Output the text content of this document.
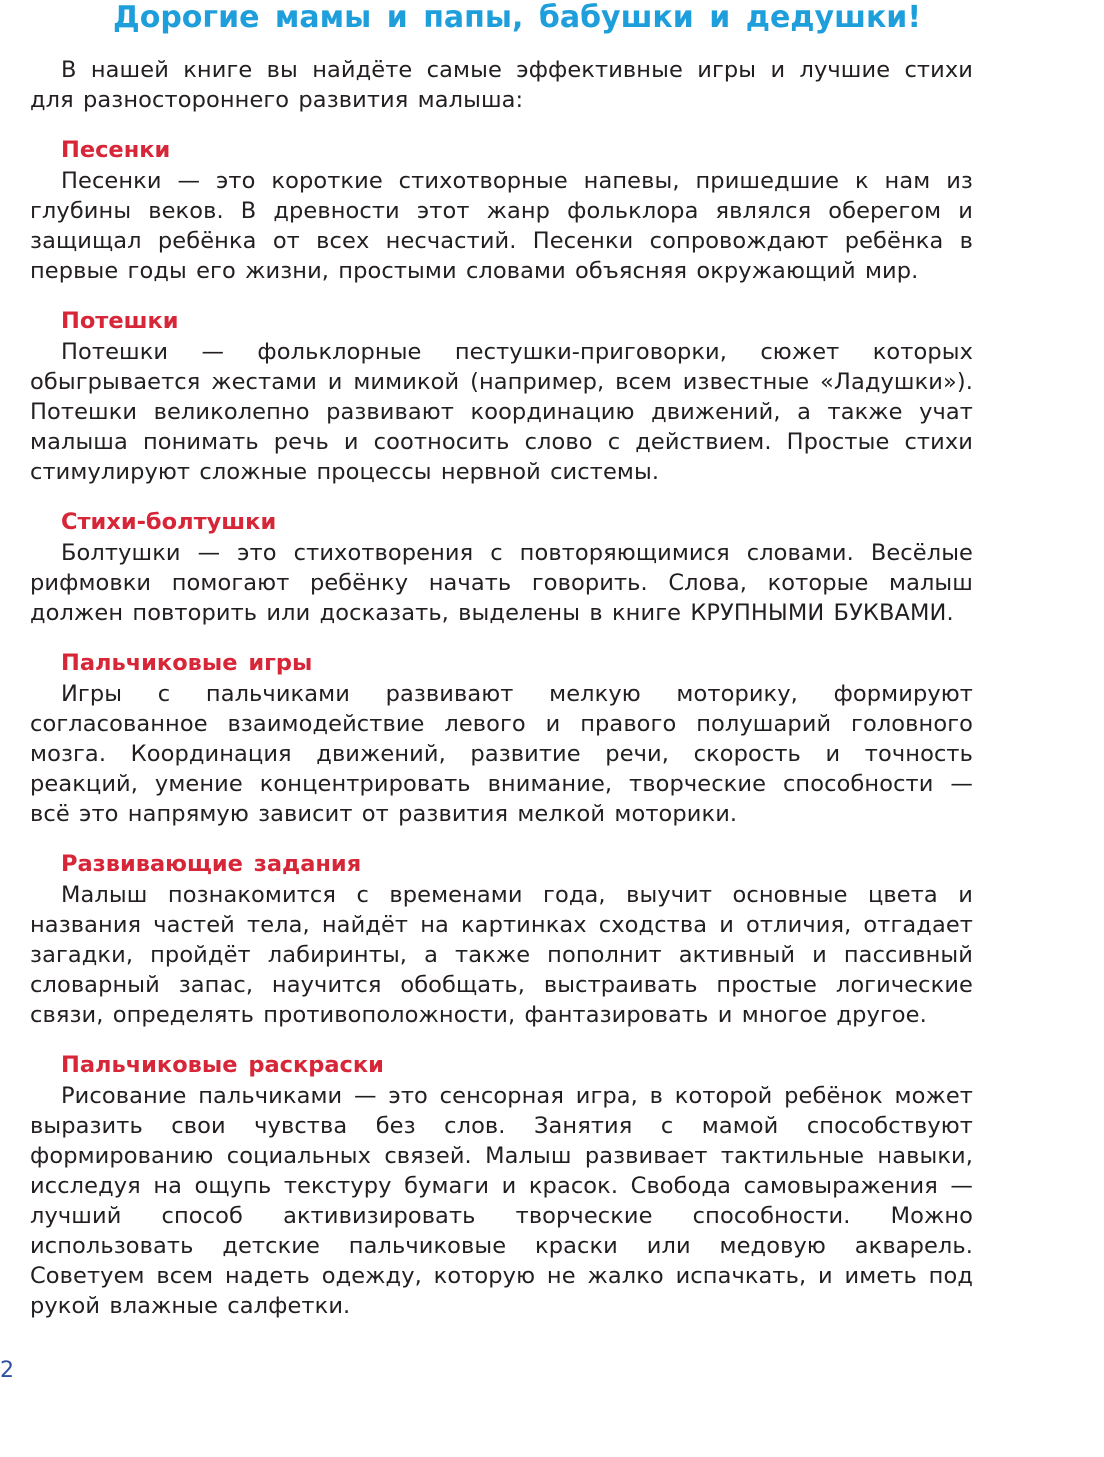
Дорогие мамы и папы, бабушки и дедушки!

В нашей книге вы найдёте самые эффективные игры и лучшие стихи для разностороннего развития малыша:

Песенки

Песенки — это короткие стихотворные напевы, пришедшие к нам из глубины веков. В древности этот жанр фольклора являлся оберегом и защищал ребёнка от всех несчастий. Песенки сопровождают ребёнка в первые годы его жизни, простыми словами объясняя окружающий мир.

Потешки

Потешки — фольклорные пестушки-приговорки, сюжет которых обыгрывается жестами и мимикой (например, всем известные «Ладушки»). Потешки великолепно развивают координацию движений, а также учат малыша понимать речь и соотносить слово с действием. Простые стихи стимулируют сложные процессы нервной системы.

Стихи-болтушки

Болтушки — это стихотворения с повторяющимися словами. Весёлые рифмовки помогают ребёнку начать говорить. Слова, которые малыш должен повторить или досказать, выделены в книге КРУПНЫМИ БУКВАМИ.

Пальчиковые игры

Игры с пальчиками развивают мелкую моторику, формируют согласованное взаимодействие левого и правого полушарий головного мозга. Координация движений, развитие речи, скорость и точность реакций, умение концентрировать внимание, творческие способности — всё это напрямую зависит от развития мелкой моторики.

Развивающие задания

Малыш познакомится с временами года, выучит основные цвета и названия частей тела, найдёт на картинках сходства и отличия, отгадает загадки, пройдёт лабиринты, а также пополнит активный и пассивный словарный запас, научится обобщать, выстраивать простые логические связи, определять противоположности, фантазировать и многое другое.

Пальчиковые раскраски

Рисование пальчиками — это сенсорная игра, в которой ребёнок может выразить свои чувства без слов. Занятия с мамой способствуют формированию социальных связей. Малыш развивает тактильные навыки, исследуя на ощупь текстуру бумаги и красок. Свобода самовыражения — лучший способ активизировать творческие способности. Можно использовать детские пальчиковые краски или медовую акварель. Советуем всем надеть одежду, которую не жалко испачкать, и иметь под рукой влажные салфетки.

2
